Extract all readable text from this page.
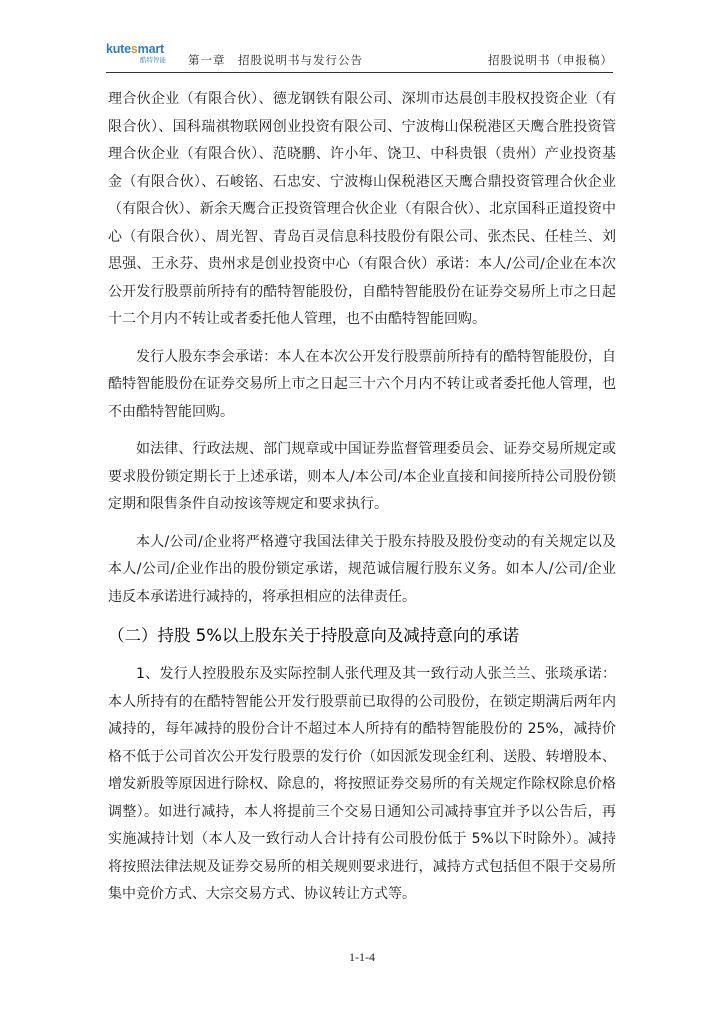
kutesmart
酷特智能	第一章　招股说明书与发行公告	招股说明书（申报稿）

理合伙企业（有限合伙）、德龙钢铁有限公司、深圳市达晨创丰股权投资企业（有限合伙）、国科瑞祺物联网创业投资有限公司、宁波梅山保税港区天鹰合胜投资管理合伙企业（有限合伙）、范晓鹏、许小年、饶卫、中科贵银（贵州）产业投资基金（有限合伙）、石峻铭、石忠安、宁波梅山保税港区天鹰合鼎投资管理合伙企业（有限合伙）、新余天鹰合正投资管理合伙企业（有限合伙）、北京国科正道投资中心（有限合伙）、周光智、青岛百灵信息科技股份有限公司、张杰民、任桂兰、刘思强、王永芬、贵州求是创业投资中心（有限合伙）承诺：本人/公司/企业在本次公开发行股票前所持有的酷特智能股份，自酷特智能股份在证券交易所上市之日起十二个月内不转让或者委托他人管理，也不由酷特智能回购。

发行人股东李会承诺：本人在本次公开发行股票前所持有的酷特智能股份，自酷特智能股份在证券交易所上市之日起三十六个月内不转让或者委托他人管理，也不由酷特智能回购。

如法律、行政法规、部门规章或中国证券监督管理委员会、证券交易所规定或要求股份锁定期长于上述承诺，则本人/本公司/本企业直接和间接所持公司股份锁定期和限售条件自动按该等规定和要求执行。

本人/公司/企业将严格遵守我国法律关于股东持股及股份变动的有关规定以及本人/公司/企业作出的股份锁定承诺，规范诚信履行股东义务。如本人/公司/企业违反本承诺进行减持的，将承担相应的法律责任。

（二）持股 5%以上股东关于持股意向及减持意向的承诺

1、发行人控股股东及实际控制人张代理及其一致行动人张兰兰、张琰承诺：本人所持有的在酷特智能公开发行股票前已取得的公司股份，在锁定期满后两年内减持的，每年减持的股份合计不超过本人所持有的酷特智能股份的 25%，减持价格不低于公司首次公开发行股票的发行价（如因派发现金红利、送股、转增股本、增发新股等原因进行除权、除息的，将按照证券交易所的有关规定作除权除息价格调整）。如进行减持，本人将提前三个交易日通知公司减持事宜并予以公告后，再实施减持计划（本人及一致行动人合计持有公司股份低于 5%以下时除外）。减持将按照法律法规及证券交易所的相关规则要求进行，减持方式包括但不限于交易所集中竞价方式、大宗交易方式、协议转让方式等。

1-1-4
